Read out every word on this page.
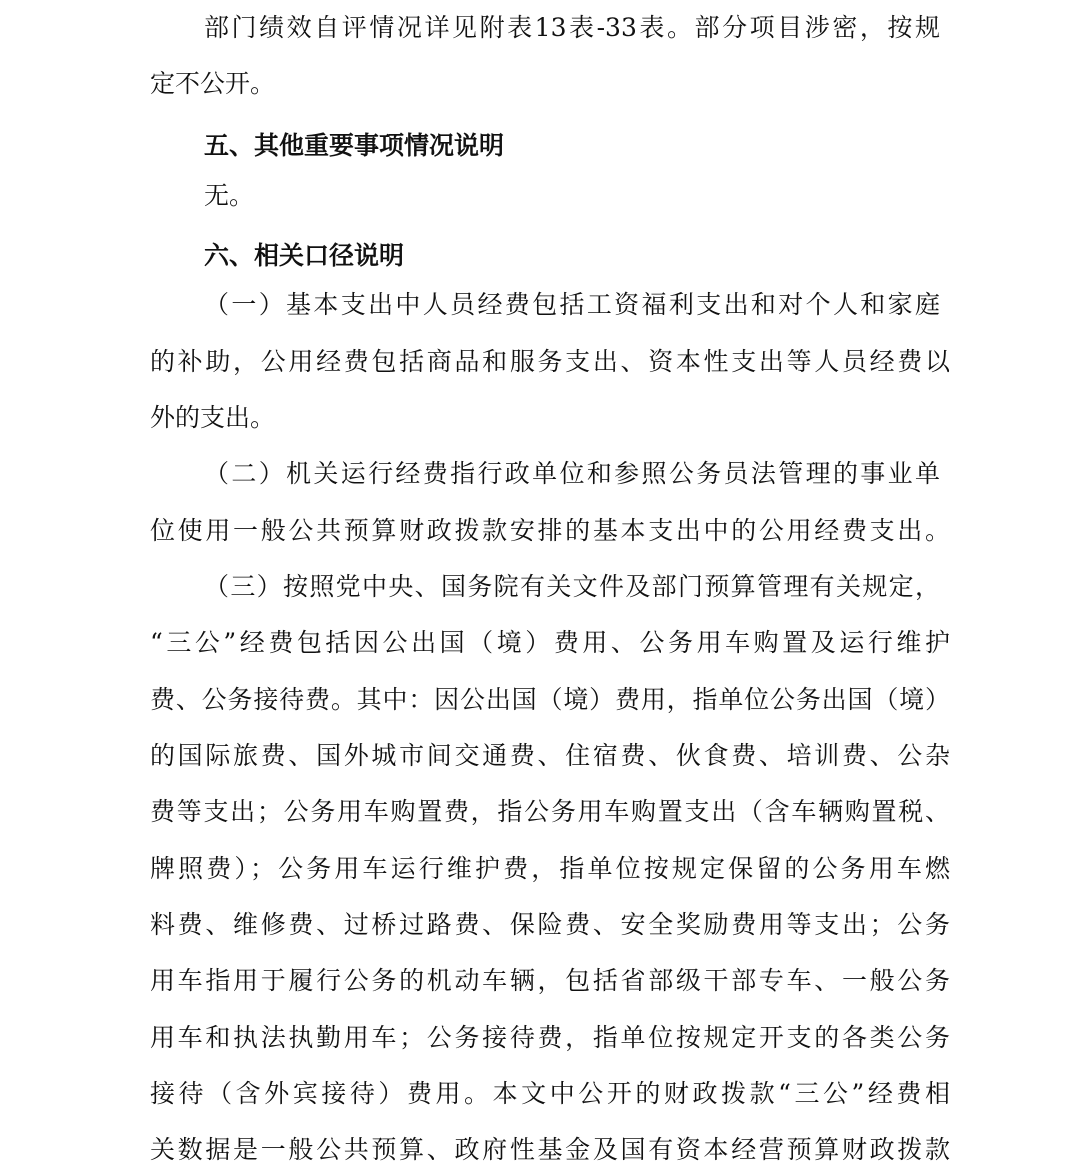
部门绩效自评情况详见附表13表-33表。部分项目涉密，按规
定不公开。
五、其他重要事项情况说明
无。
六、相关口径说明
（一）基本支出中人员经费包括工资福利支出和对个人和家庭
的补助，公用经费包括商品和服务支出、资本性支出等人员经费以
外的支出。
（二）机关运行经费指行政单位和参照公务员法管理的事业单
位使用一般公共预算财政拨款安排的基本支出中的公用经费支出。
（三）按照党中央、国务院有关文件及部门预算管理有关规定，
“三公”经费包括因公出国（境）费用、公务用车购置及运行维护
费、公务接待费。其中：因公出国（境）费用，指单位公务出国（境）
的国际旅费、国外城市间交通费、住宿费、伙食费、培训费、公杂
费等支出；公务用车购置费，指公务用车购置支出（含车辆购置税、
牌照费）；公务用车运行维护费，指单位按规定保留的公务用车燃
料费、维修费、过桥过路费、保险费、安全奖励费用等支出；公务
用车指用于履行公务的机动车辆，包括省部级干部专车、一般公务
用车和执法执勤用车；公务接待费，指单位按规定开支的各类公务
接待（含外宾接待）费用。本文中公开的财政拨款“三公”经费相
关数据是一般公共预算、政府性基金及国有资本经营预算财政拨款
